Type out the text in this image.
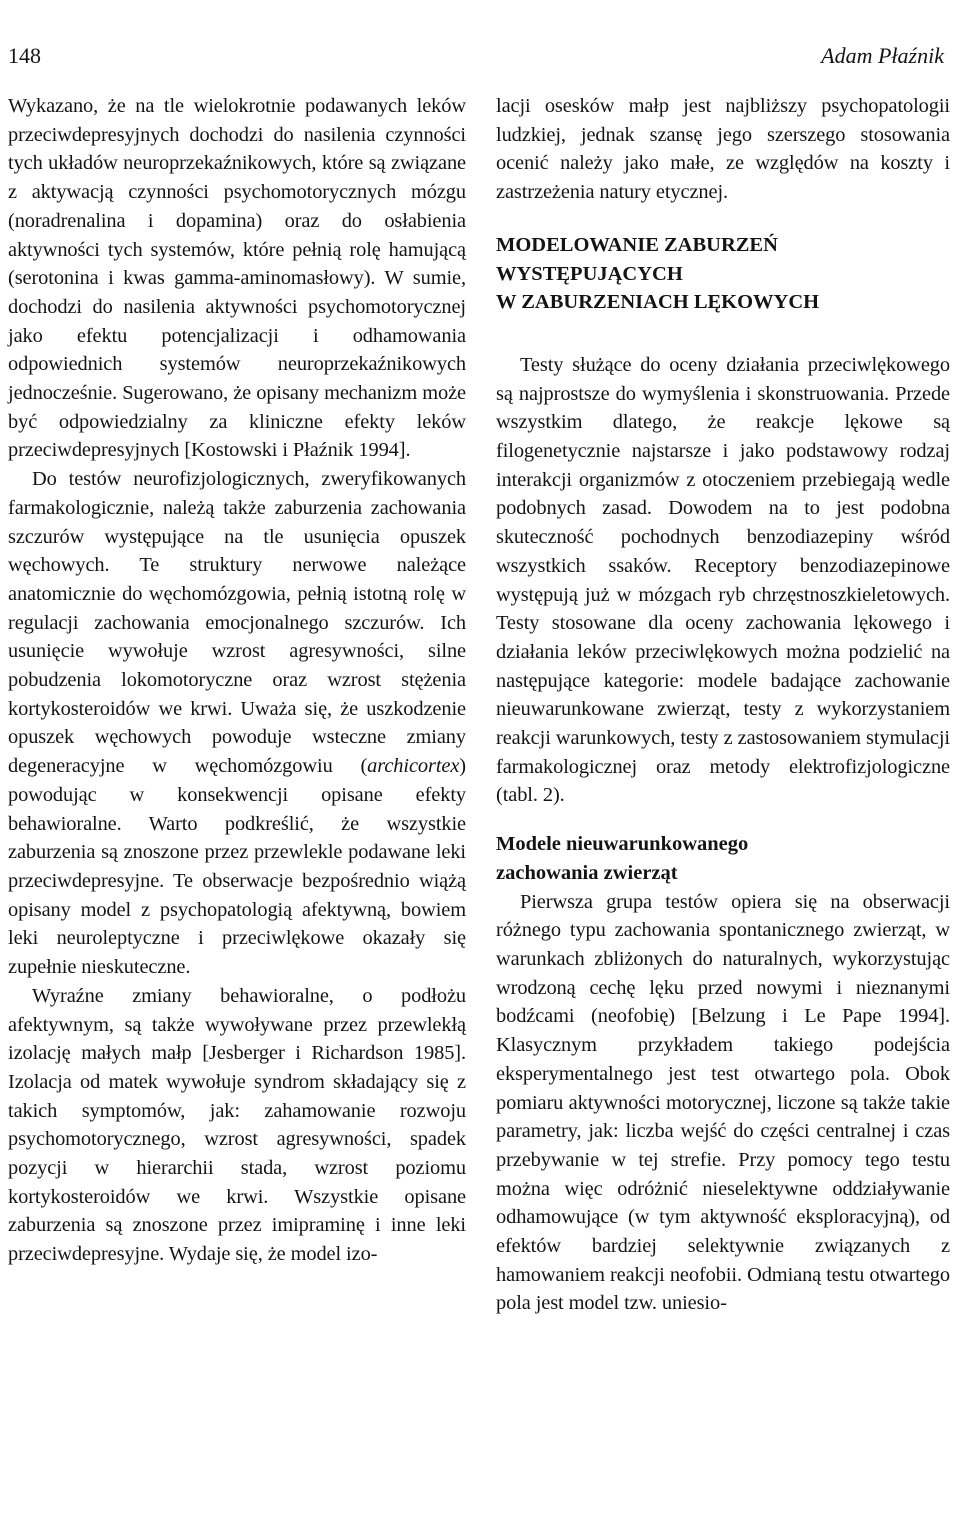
148	Adam Płaźnik

Wykazano, że na tle wielokrotnie podawanych leków przeciwdepresyjnych dochodzi do nasilenia czynności tych układów neuroprzekaźnikowych, które są związane z aktywacją czynności psychomotorycznych mózgu (noradrenalina i dopamina) oraz do osłabienia aktywności tych systemów, które pełnią rolę hamującą (serotonina i kwas gamma-aminomasłowy). W sumie, dochodzi do nasilenia aktywności psychomotorycznej jako efektu potencjalizacji i odhamowania odpowiednich systemów neuroprzekaźnikowych jednocześnie. Sugerowano, że opisany mechanizm może być odpowiedzialny za kliniczne efekty leków przeciwdepresyjnych [Kostowski i Płaźnik 1994].

Do testów neurofizjologicznych, zweryfikowanych farmakologicznie, należą także zaburzenia zachowania szczurów występujące na tle usunięcia opuszek węchowych. Te struktury nerwowe należące anatomicznie do węchomózgowia, pełnią istotną rolę w regulacji zachowania emocjonalnego szczurów. Ich usunięcie wywołuje wzrost agresywności, silne pobudzenia lokomotoryczne oraz wzrost stężenia kortykosteroidów we krwi. Uważa się, że uszkodzenie opuszek węchowych powoduje wsteczne zmiany degeneracyjne w węchomózgowiu (archicortex) powodując w konsekwencji opisane efekty behawioralne. Warto podkreślić, że wszystkie zaburzenia są znoszone przez przewlekle podawane leki przeciwdepresyjne. Te obserwacje bezpośrednio wiążą opisany model z psychopatologią afektywną, bowiem leki neuroleptyczne i przeciwlękowe okazały się zupełnie nieskuteczne.

Wyraźne zmiany behawioralne, o podłożu afektywnym, są także wywoływane przez przewlekłą izolację małych małp [Jesberger i Richardson 1985]. Izolacja od matek wywołuje syndrom składający się z takich symptomów, jak: zahamowanie rozwoju psychomotorycznego, wzrost agresywności, spadek pozycji w hierarchii stada, wzrost poziomu kortykosteroidów we krwi. Wszystkie opisane zaburzenia są znoszone przez imipraminę i inne leki przeciwdepresyjne. Wydaje się, że model izo-

lacji osesków małp jest najbliższy psychopatologii ludzkiej, jednak szansę jego szerszego stosowania ocenić należy jako małe, ze względów na koszty i zastrzeżenia natury etycznej.

MODELOWANIE ZABURZEŃ
WYSTĘPUJĄCYCH
W ZABURZENIACH LĘKOWYCH

Testy służące do oceny działania przeciwlękowego są najprostsze do wymyślenia i skonstruowania. Przede wszystkim dlatego, że reakcje lękowe są filogenetycznie najstarsze i jako podstawowy rodzaj interakcji organizmów z otoczeniem przebiegają wedle podobnych zasad. Dowodem na to jest podobna skuteczność pochodnych benzodiazepiny wśród wszystkich ssaków. Receptory benzodiazepinowe występują już w mózgach ryb chrzęstnoszkieletowych. Testy stosowane dla oceny zachowania lękowego i działania leków przeciwlękowych można podzielić na następujące kategorie: modele badające zachowanie nieuwarunkowane zwierząt, testy z wykorzystaniem reakcji warunkowych, testy z zastosowaniem stymulacji farmakologicznej oraz metody elektrofizjologiczne (tabl. 2).

Modele nieuwarunkowanego
zachowania zwierząt

Pierwsza grupa testów opiera się na obserwacji różnego typu zachowania spontanicznego zwierząt, w warunkach zbliżonych do naturalnych, wykorzystując wrodzoną cechę lęku przed nowymi i nieznanymi bodźcami (neofobię) [Belzung i Le Pape 1994]. Klasycznym przykładem takiego podejścia eksperymentalnego jest test otwartego pola. Obok pomiaru aktywności motorycznej, liczone są także takie parametry, jak: liczba wejść do części centralnej i czas przebywanie w tej strefie. Przy pomocy tego testu można więc odróżnić nieselektywne oddziaływanie odhamowujące (w tym aktywność eksploracyjną), od efektów bardziej selektywnie związanych z hamowaniem reakcji neofobii. Odmianą testu otwartego pola jest model tzw. uniesio-
